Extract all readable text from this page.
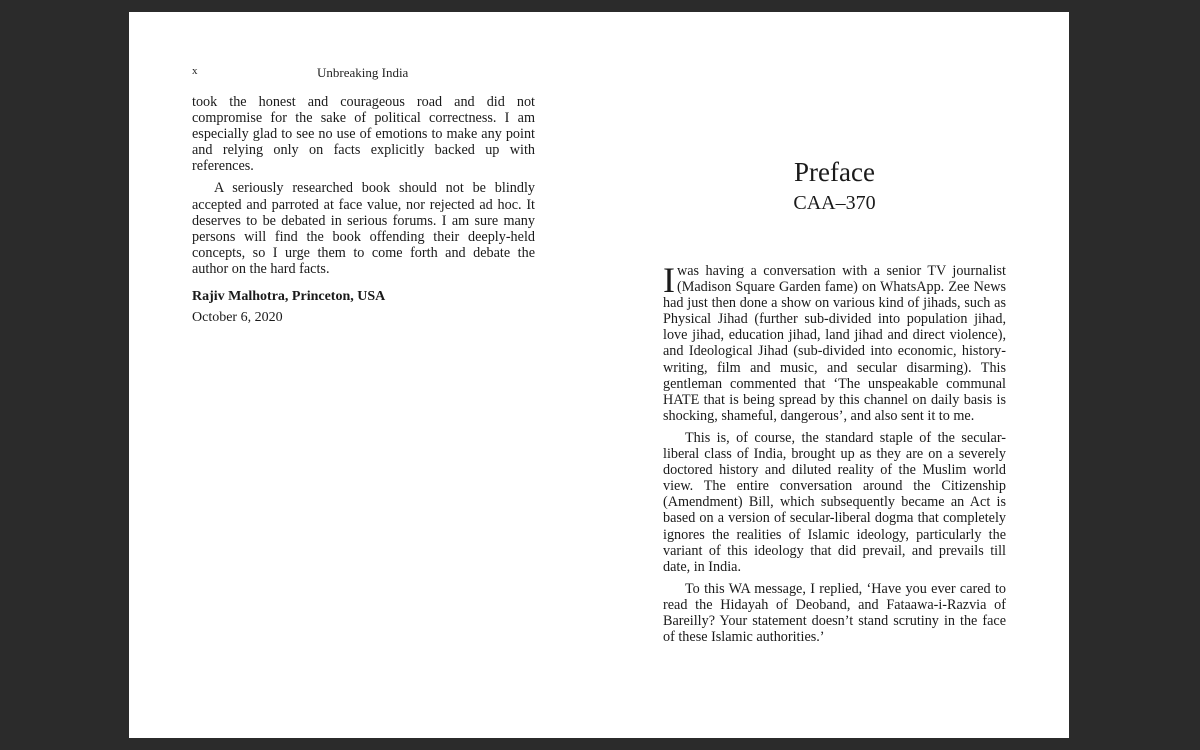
x	Unbreaking India

took the honest and courageous road and did not compromise for the sake of political correctness. I am especially glad to see no use of emotions to make any point and relying only on facts explicitly backed up with references.

A seriously researched book should not be blindly accepted and parroted at face value, nor rejected ad hoc. It deserves to be debated in serious forums. I am sure many persons will find the book offending their deeply-held concepts, so I urge them to come forth and debate the author on the hard facts.

Rajiv Malhotra, Princeton, USA
October 6, 2020
Preface
CAA–370

Iwas having a conversation with a senior TV journalist (Madison Square Garden fame) on WhatsApp. Zee News had just then done a show on various kind of jihads, such as Physical Jihad (further sub-divided into population jihad, love jihad, education jihad, land jihad and direct violence), and Ideological Jihad (sub-divided into economic, history-writing, film and music, and secular disarming). This gentleman commented that ‘The unspeakable communal HATE that is being spread by this channel on daily basis is shocking, shameful, dangerous’, and also sent it to me.

This is, of course, the standard staple of the secular-liberal class of India, brought up as they are on a severely doctored history and diluted reality of the Muslim world view. The entire conversation around the Citizenship (Amendment) Bill, which subsequently became an Act is based on a version of secular-liberal dogma that completely ignores the realities of Islamic ideology, particularly the variant of this ideology that did prevail, and prevails till date, in India.

To this WA message, I replied, ‘Have you ever cared to read the Hidayah of Deoband, and Fataawa-i-Razvia of Bareilly? Your statement doesn’t stand scrutiny in the face of these Islamic authorities.’
